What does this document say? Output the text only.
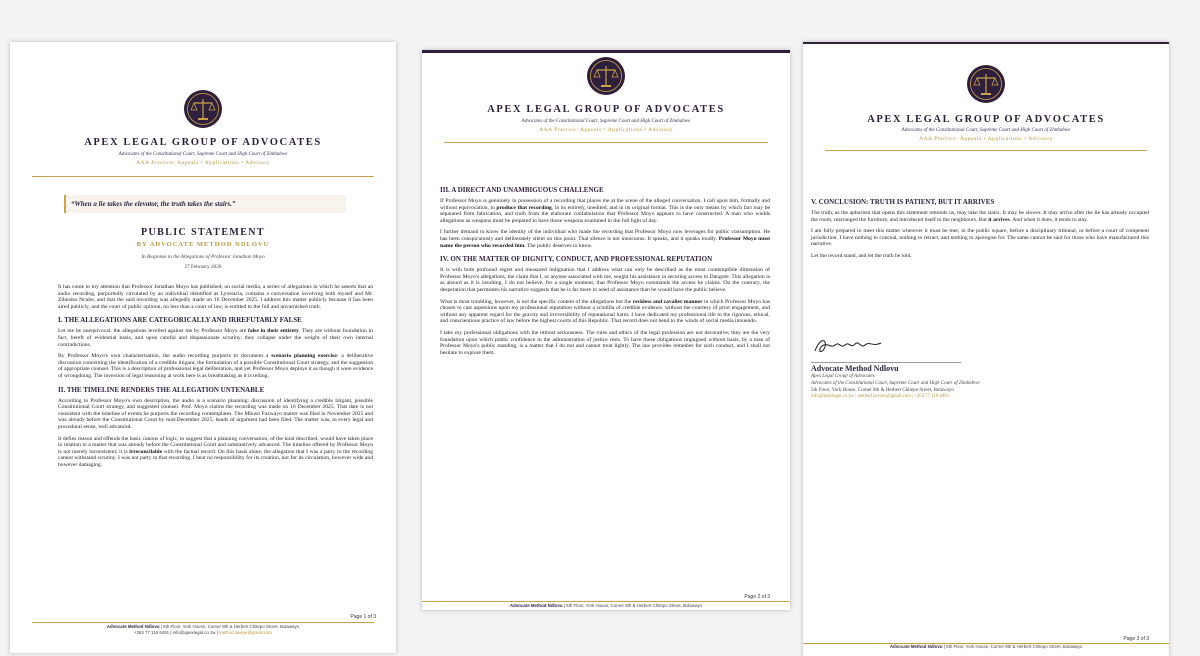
APEX LEGAL GROUP OF ADVOCATES
Advocates of the Constitutional Court, Supreme Court and High Court of Zimbabwe
AAA Practice: Appeals • Applications • Advisory
“When a lie takes the elevator, the truth takes the stairs.”
PUBLIC STATEMENT
BY ADVOCATE METHOD NDLOVU
In Response to the Allegations of Professor Jonathan Moyo
27 February 2026

It has come to my attention that Professor Jonathan Moyo has published, on social media, a series of allegations in which he asserts that an audio recording, purportedly circulated by an individual identified as Lynstacia, contains a conversation involving both myself and Mr. Zibusiso Ncube, and that the said recording was allegedly made on 16 December 2025. I address this matter publicly because it has been aired publicly, and the court of public opinion, no less than a court of law, is entitled to the full and unvarnished truth.

I. THE ALLEGATIONS ARE CATEGORICALLY AND IRREFUTABLY FALSE

Let me be unequivocal: the allegations levelled against me by Professor Moyo are false in their entirety. They are without foundation in fact, bereft of evidential basis, and upon careful and dispassionate scrutiny, they collapse under the weight of their own internal contradictions.

By Professor Moyo's own characterisation, the audio recording purports to document a scenario planning exercise: a deliberative discussion concerning the identification of a credible litigant, the formulation of a possible Constitutional Court strategy, and the suggestion of appropriate counsel. This is a description of professional legal deliberation, and yet Professor Moyo deploys it as though it were evidence of wrongdoing. The inversion of legal reasoning at work here is as breathtaking as it is telling.

II. THE TIMELINE RENDERS THE ALLEGATION UNTENABLE

According to Professor Moyo's own description, the audio is a scenario planning: discussion of identifying a credible litigant, possible Constitutional Court strategy, and suggested counsel. Prof. Moyo claims the recording was made on 16 December 2025. That date is not consistent with the timeline of events he purports the recording contemplates. The Mbuso Fuzwayo matter was filed in November 2025 and was already before the Constitutional Court by mid-December 2025; heads of argument had been filed. The matter was, in every legal and procedural sense, well advanced.

It defies reason and offends the basic canons of logic, to suggest that a planning conversation, of the kind described, would have taken place in relation to a matter that was already before the Constitutional Court and substantively advanced. The timeline offered by Professor Moyo is not merely inconsistent; it is irreconcilable with the factual record. On this basis alone, the allegation that I was a party to the recording cannot withstand scrutiny. I was not party to that recording. I bear no responsibility for its creation, nor for its circulation, however wide and however damaging.

Page 1 of 3
Advocate Method Ndlovu | 5th Floor, York House, Corner 8th & Herbert Chitepo Street, Bulawayo
+263 77 116 6491 | info@apexlegal.co.zw | method.lawyer@gmail.com
APEX LEGAL GROUP OF ADVOCATES
Advocates of the Constitutional Court, Supreme Court and High Court of Zimbabwe
AAA Practice: Appeals • Applications • Advisory
III. A DIRECT AND UNAMBIGUOUS CHALLENGE

If Professor Moyo is genuinely in possession of a recording that places me at the scene of the alleged conversation, I call upon him, formally and without equivocation, to produce that recording, in its entirety, unedited, and in its original format. This is the only means by which fact may be separated from fabrication, and truth from the elaborate confabulation that Professor Moyo appears to have constructed. A man who wields allegations as weapons must be prepared to have those weapons examined in the full light of day.

I further demand to know the identity of the individual who made the recording that Professor Moyo now leverages for public consumption. He has been conspicuously and deliberately silent on this point. That silence is not innocuous. It speaks, and it speaks loudly. Professor Moyo must name the person who recorded him. The public deserves to know.

IV. ON THE MATTER OF DIGNITY, CONDUCT, AND PROFESSIONAL REPUTATION

It is with both profound regret and measured indignation that I address what can only be described as the most contemptible dimension of Professor Moyo's allegations, the claim that I, or anyone associated with me, sought his assistance in securing access to Dangote. This allegation is as absurd as it is insulting. I do not believe, for a single moment, that Professor Moyo commands the access he claims. On the contrary, the desperation that permeates his narrative suggests that he is far more in need of assistance than he would have the public believe.

What is most troubling, however, is not the specific content of the allegations but the reckless and cavalier manner in which Professor Moyo has chosen to cast aspersions upon my professional reputation without a scintilla of credible evidence, without the courtesy of prior engagement, and without any apparent regard for the gravity and irreversibility of reputational harm. I have dedicated my professional life to the rigorous, ethical, and conscientious practice of law before the highest courts of this Republic. That record does not bend to the winds of social media innuendo.

I take my professional obligations with the utmost seriousness. The rules and ethics of the legal profession are not decorative; they are the very foundation upon which public confidence in the administration of justice rests. To have those obligations impugned without basis, by a man of Professor Moyo's public standing, is a matter that I do not and cannot treat lightly. The law provides remedies for such conduct, and I shall not hesitate to explore them.

Page 2 of 3
Advocate Method Ndlovu | 5th Floor, York House, Corner 8th & Herbert Chitepo Street, Bulawayo
APEX LEGAL GROUP OF ADVOCATES
Advocates of the Constitutional Court, Supreme Court and High Court of Zimbabwe
AAA Practice: Appeals • Applications • Advisory
V. CONCLUSION: TRUTH IS PATIENT, BUT IT ARRIVES

The truth, as the aphorism that opens this statement reminds us, may take the stairs. It may be slower. It may arrive after the lie has already occupied the room, rearranged the furniture, and introduced itself to the neighbours. But it arrives. And when it does, it tends to stay.

I am fully prepared to meet this matter wherever it must be met; in the public square, before a disciplinary tribunal, or before a court of competent jurisdiction. I have nothing to conceal, nothing to retract, and nothing to apologise for. The same cannot be said for those who have manufactured this narrative.

Let the record stand, and let the truth be told.

Advocate Method Ndlovu
Apex Legal Group of Advocates
Advocates of the Constitutional Court, Supreme Court and High Court of Zimbabwe
5th Floor, York House, Corner 8th & Herbert Chitepo Street, Bulawayo
info@apexlegal.co.zw | method.lawyer@gmail.com | +263 77 116 6491
Page 3 of 3
Advocate Method Ndlovu | 5th Floor, York House, Corner 8th & Herbert Chitepo Street, Bulawayo
